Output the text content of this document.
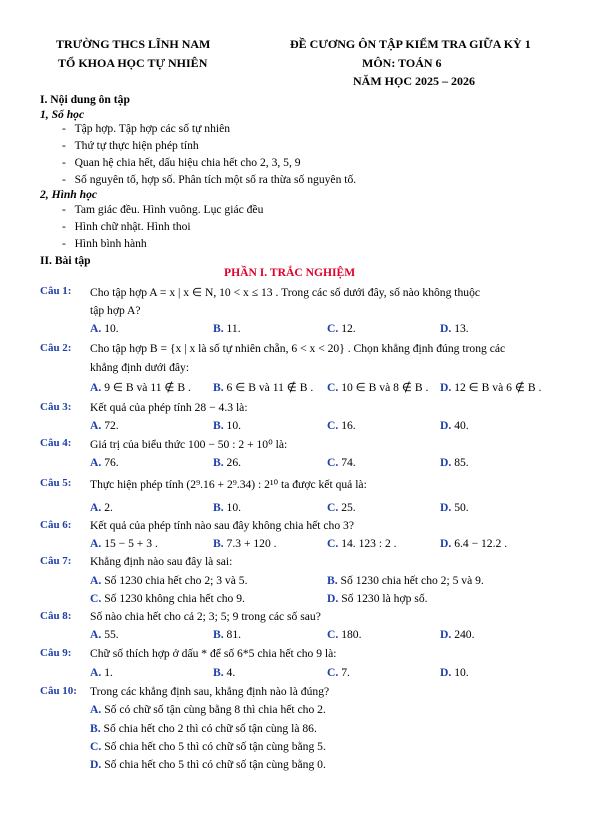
TRƯỜNG THCS LĨNH NAM
TỔ KHOA HỌC TỰ NHIÊN
ĐỀ CƯƠNG ÔN TẬP KIỂM TRA GIỮA KỲ 1
MÔN: TOÁN 6
NĂM HỌC 2025 – 2026
I. Nội dung ôn tập
1, Số học
-   Tập hợp. Tập hợp các số tự nhiên
-   Thứ tự thực hiện phép tính
-   Quan hệ chia hết, dấu hiệu chia hết cho 2, 3, 5, 9
-   Số nguyên tố, hợp số. Phân tích một số ra thừa số nguyên tố.
2, Hình học
-   Tam giác đều. Hình vuông. Lục giác đều
-   Hình chữ nhật. Hình thoi
-   Hình bình hành
II. Bài tập
PHẦN I. TRẮC NGHIỆM
Câu 1: Cho tập hợp A = x | x ∈ N, 10 < x ≤ 13 . Trong các số dưới đây, số nào không thuộc
tập hợp A?
A. 10.	B. 11.	C. 12.	D. 13.
Câu 2: Cho tập hợp B = {x | x là số tự nhiên chẵn, 6 < x < 20} . Chọn khẳng định đúng trong các
khẳng định dưới đây:
A. 9 ∈ B và 11 ∉ B . B. 6 ∈ B và 11 ∉ B . C. 10 ∈ B và 8 ∉ B . D. 12 ∈ B và 6 ∉ B .
Câu 3: Kết quả của phép tính 28 − 4.3 là:
A. 72.	B. 10.	C. 16.	D. 40.
Câu 4: Giá trị của biểu thức 100 − 50 : 2 + 10⁰ là:
A. 76.	B. 26.	C. 74.	D. 85.
Câu 5: Thực hiện phép tính (2⁹.16 + 2⁹.34) : 2¹⁰ ta được kết quả là:
A. 2.	B. 10.	C. 25.	D. 50.
Câu 6: Kết quả của phép tính nào sau đây không chia hết cho 3?
A. 15 − 5 + 3 .	B. 7.3 + 120 .	C. 14. 123 : 2 .	D. 6.4 − 12.2 .
Câu 7: Khẳng định nào sau đây là sai:
A. Số 1230 chia hết cho 2; 3 và 5.	B. Số 1230 chia hết cho 2; 5 và 9.
C. Số 1230 không chia hết cho 9.	D. Số 1230 là hợp số.
Câu 8: Số nào chia hết cho cả 2; 3; 5; 9 trong các số sau?
A. 55.	B. 81.	C. 180.	D. 240.
Câu 9: Chữ số thích hợp ở dấu * để số 6*5 chia hết cho 9 là:
A. 1.	B. 4.	C. 7.	D. 10.
Câu 10: Trong các khẳng định sau, khẳng định nào là đúng?
A. Số có chữ số tận cùng bằng 8 thì chia hết cho 2.
B. Số chia hết cho 2 thì có chữ số tận cùng là 86.
C. Số chia hết cho 5 thì có chữ số tận cùng bằng 5.
D. Số chia hết cho 5 thì có chữ số tận cùng bằng 0.
